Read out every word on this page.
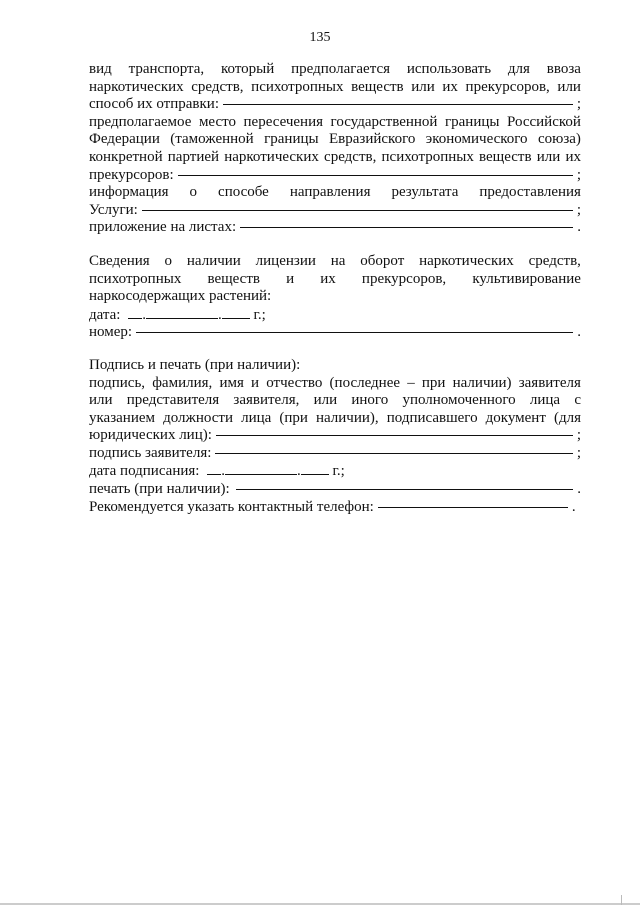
135
вид транспорта, который предполагается использовать для ввоза
наркотических средств, психотропных веществ или их прекурсоров, или
способ их отправки:	;
предполагаемое место пересечения государственной границы Российской
Федерации (таможенной границы Евразийского экономического союза)
конкретной партией наркотических средств, психотропных веществ или их
прекурсоров:	;
информация о способе направления результата предоставления
Услуги:	;
приложение на листах:	.
Сведения о наличии лицензии на оборот наркотических средств,
психотропных веществ и их прекурсоров, культивирование
наркосодержащих растений:
дата: .	. г.;
номер:	.
Подпись и печать (при наличии):
подпись, фамилия, имя и отчество (последнее – при наличии) заявителя
или представителя заявителя, или иного уполномоченного лица с
указанием должности лица (при наличии), подписавшего документ (для
юридических лиц):	;
подпись заявителя:	;
дата подписания: .	. г.;
печать (при наличии):	.
Рекомендуется указать контактный телефон:	.
